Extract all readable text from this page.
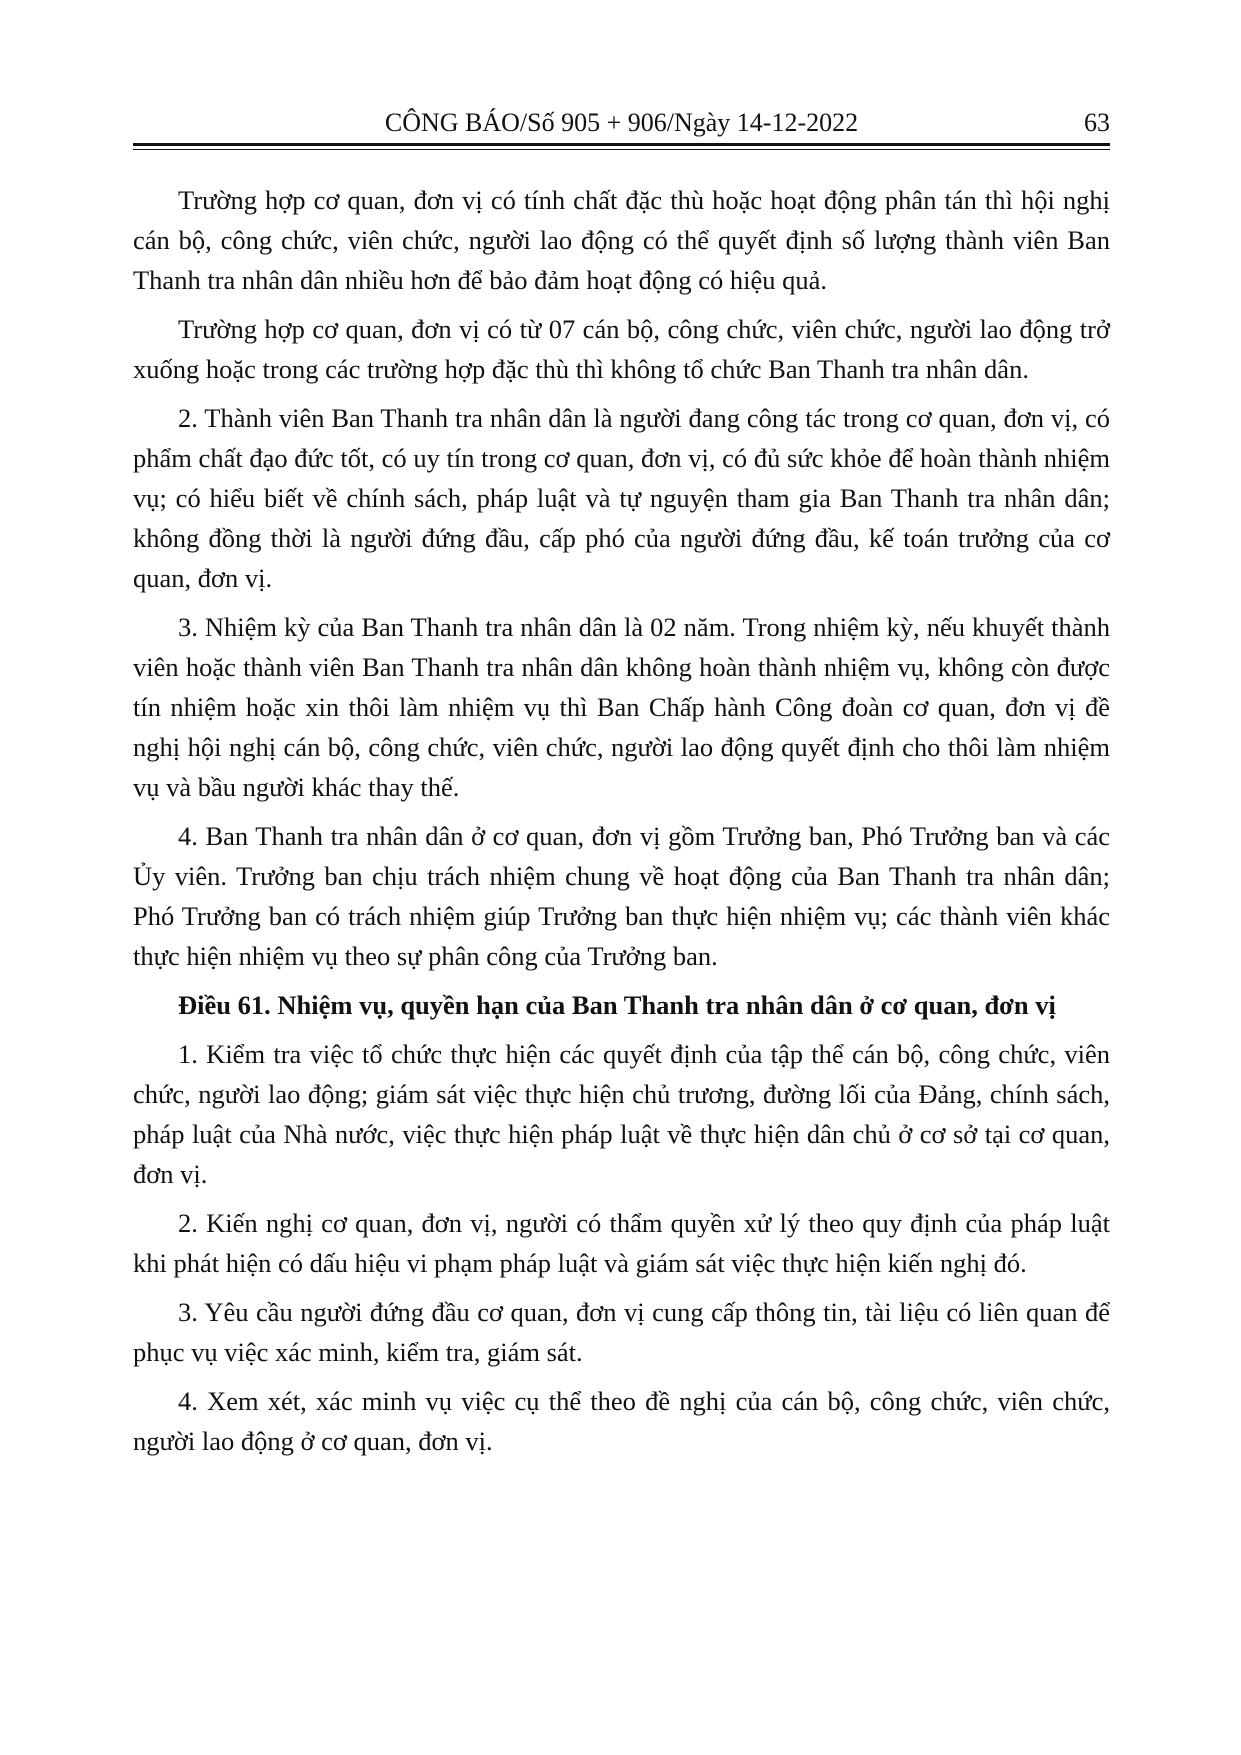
CÔNG BÁO/Số 905 + 906/Ngày 14-12-2022	63

Trường hợp cơ quan, đơn vị có tính chất đặc thù hoặc hoạt động phân tán thì hội nghị cán bộ, công chức, viên chức, người lao động có thể quyết định số lượng thành viên Ban Thanh tra nhân dân nhiều hơn để bảo đảm hoạt động có hiệu quả.

Trường hợp cơ quan, đơn vị có từ 07 cán bộ, công chức, viên chức, người lao động trở xuống hoặc trong các trường hợp đặc thù thì không tổ chức Ban Thanh tra nhân dân.

2. Thành viên Ban Thanh tra nhân dân là người đang công tác trong cơ quan, đơn vị, có phẩm chất đạo đức tốt, có uy tín trong cơ quan, đơn vị, có đủ sức khỏe để hoàn thành nhiệm vụ; có hiểu biết về chính sách, pháp luật và tự nguyện tham gia Ban Thanh tra nhân dân; không đồng thời là người đứng đầu, cấp phó của người đứng đầu, kế toán trưởng của cơ quan, đơn vị.

3. Nhiệm kỳ của Ban Thanh tra nhân dân là 02 năm. Trong nhiệm kỳ, nếu khuyết thành viên hoặc thành viên Ban Thanh tra nhân dân không hoàn thành nhiệm vụ, không còn được tín nhiệm hoặc xin thôi làm nhiệm vụ thì Ban Chấp hành Công đoàn cơ quan, đơn vị đề nghị hội nghị cán bộ, công chức, viên chức, người lao động quyết định cho thôi làm nhiệm vụ và bầu người khác thay thế.

4. Ban Thanh tra nhân dân ở cơ quan, đơn vị gồm Trưởng ban, Phó Trưởng ban và các Ủy viên. Trưởng ban chịu trách nhiệm chung về hoạt động của Ban Thanh tra nhân dân; Phó Trưởng ban có trách nhiệm giúp Trưởng ban thực hiện nhiệm vụ; các thành viên khác thực hiện nhiệm vụ theo sự phân công của Trưởng ban.

Điều 61. Nhiệm vụ, quyền hạn của Ban Thanh tra nhân dân ở cơ quan, đơn vị

1. Kiểm tra việc tổ chức thực hiện các quyết định của tập thể cán bộ, công chức, viên chức, người lao động; giám sát việc thực hiện chủ trương, đường lối của Đảng, chính sách, pháp luật của Nhà nước, việc thực hiện pháp luật về thực hiện dân chủ ở cơ sở tại cơ quan, đơn vị.

2. Kiến nghị cơ quan, đơn vị, người có thẩm quyền xử lý theo quy định của pháp luật khi phát hiện có dấu hiệu vi phạm pháp luật và giám sát việc thực hiện kiến nghị đó.

3. Yêu cầu người đứng đầu cơ quan, đơn vị cung cấp thông tin, tài liệu có liên quan để phục vụ việc xác minh, kiểm tra, giám sát.

4. Xem xét, xác minh vụ việc cụ thể theo đề nghị của cán bộ, công chức, viên chức, người lao động ở cơ quan, đơn vị.
